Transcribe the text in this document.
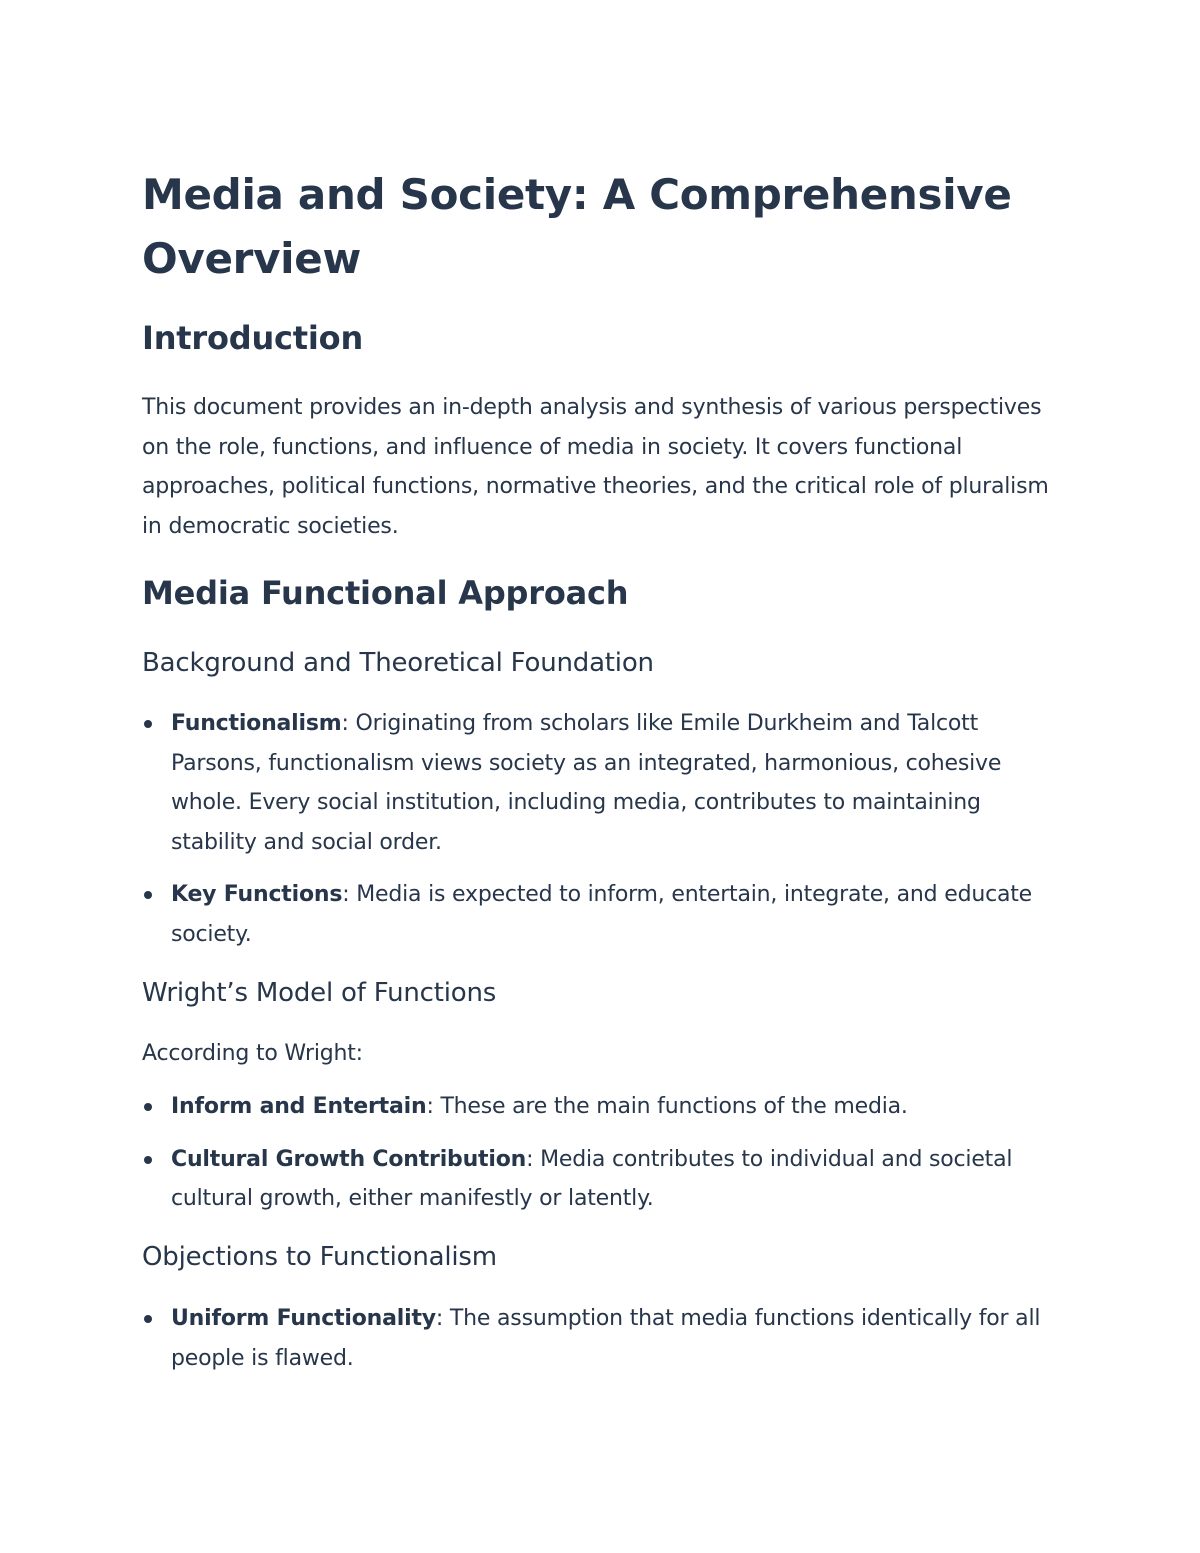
Media and Society: A Comprehensive Overview
Introduction

This document provides an in-depth analysis and synthesis of various perspectives on the role, functions, and influence of media in society. It covers functional approaches, political functions, normative theories, and the critical role of pluralism in democratic societies.

Media Functional Approach
Background and Theoretical Foundation
Functionalism: Originating from scholars like Emile Durkheim and Talcott Parsons, functionalism views society as an integrated, harmonious, cohesive whole. Every social institution, including media, contributes to maintaining stability and social order.
Key Functions: Media is expected to inform, entertain, integrate, and educate society.
Wright’s Model of Functions

According to Wright:

Inform and Entertain: These are the main functions of the media.
Cultural Growth Contribution: Media contributes to individual and societal cultural growth, either manifestly or latently.
Objections to Functionalism
Uniform Functionality: The assumption that media functions identically for all people is flawed.
